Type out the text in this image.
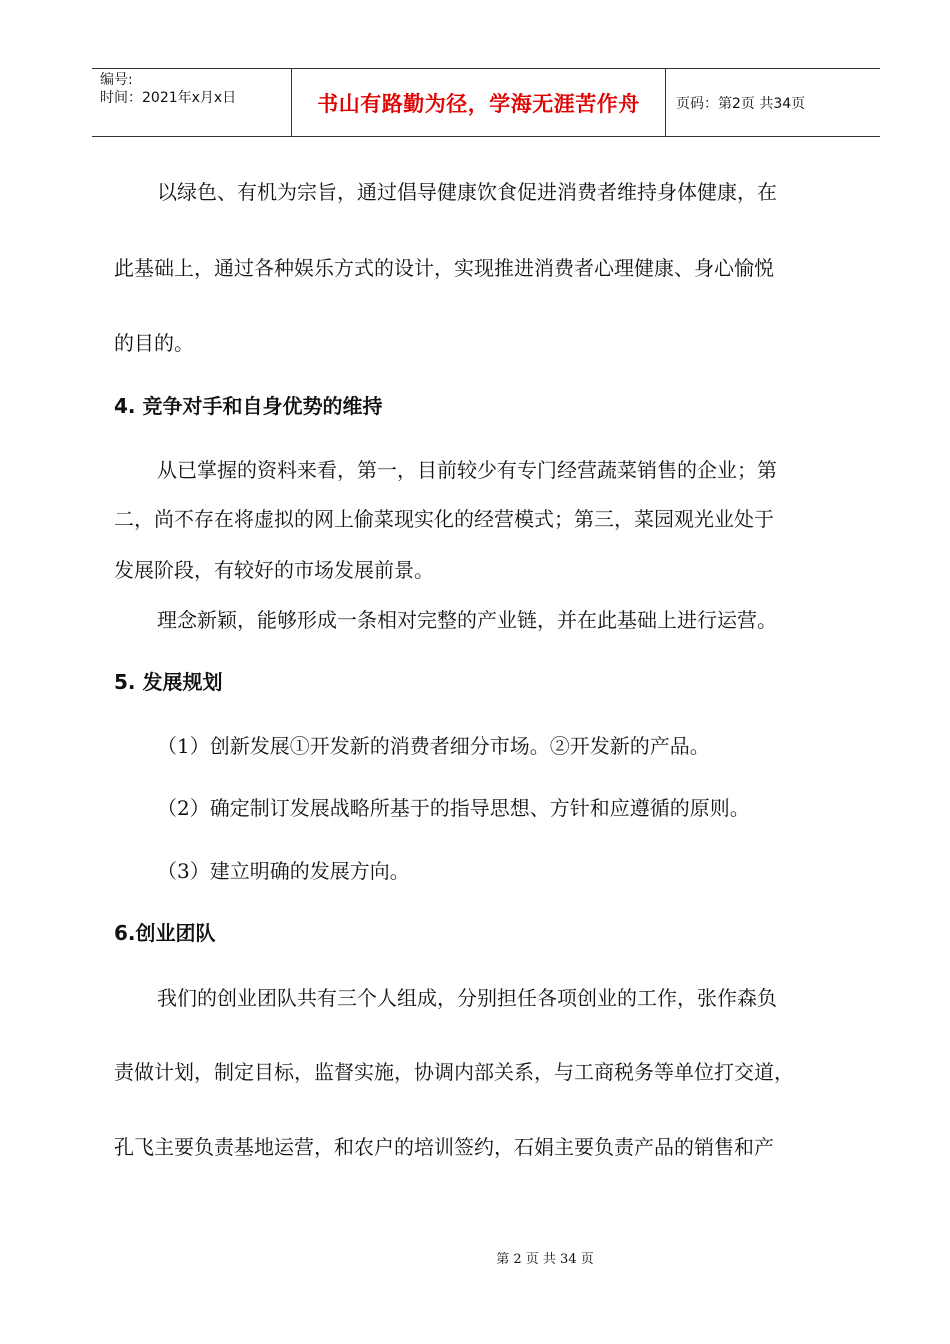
编号:
时间：2021年x月x日	书山有路勤为径，学海无涯苦作舟	页码：第2页 共34页
以绿色、有机为宗旨，通过倡导健康饮食促进消费者维持身体健康，在
此基础上，通过各种娱乐方式的设计，实现推进消费者心理健康、身心愉悦
的目的。
4. 竞争对手和自身优势的维持
从已掌握的资料来看，第一，目前较少有专门经营蔬菜销售的企业；第
二，尚不存在将虚拟的网上偷菜现实化的经营模式；第三，菜园观光业处于
发展阶段，有较好的市场发展前景。
理念新颖，能够形成一条相对完整的产业链，并在此基础上进行运营。
5. 发展规划
（1）创新发展①开发新的消费者细分市场。②开发新的产品。
（2）确定制订发展战略所基于的指导思想、方针和应遵循的原则。
（3）建立明确的发展方向。
6.创业团队
我们的创业团队共有三个人组成，分别担任各项创业的工作，张作森负
责做计划，制定目标，监督实施，协调内部关系，与工商税务等单位打交道，
孔飞主要负责基地运营，和农户的培训签约，石娟主要负责产品的销售和产
第 2 页 共 34 页
